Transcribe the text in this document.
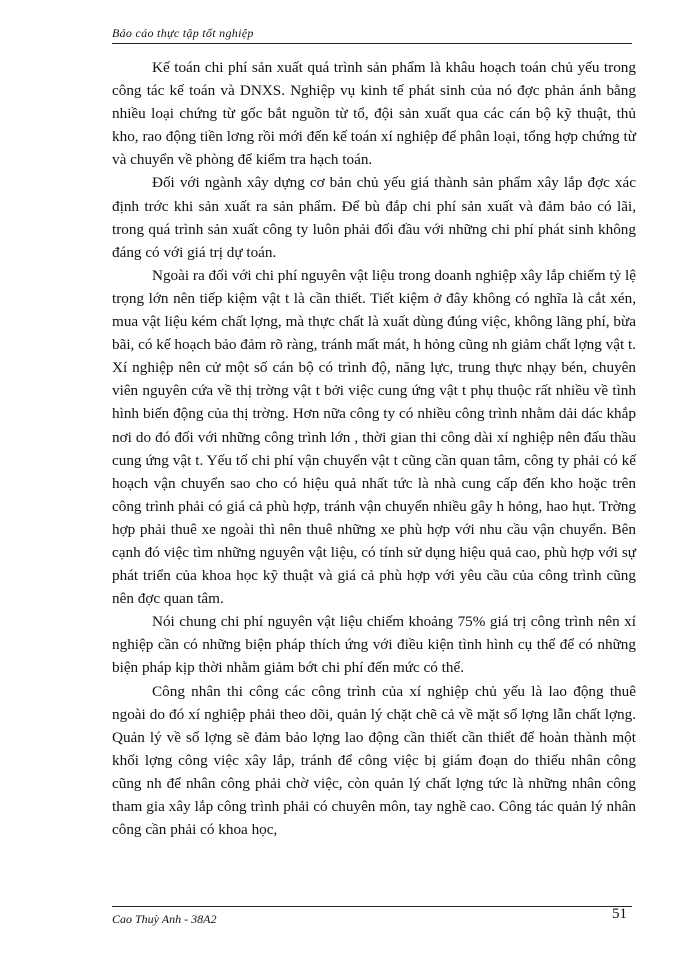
Báo cáo thực tập tốt nghiệp

Kế toán chi phí sản xuất quá trình sản phẩm là khâu hoạch toán chủ yếu trong công tác kế toán và DNXS. Nghiệp vụ kinh tế phát sinh của nó đợc phản ánh bằng nhiều loại chứng từ gốc bắt nguồn từ tổ, đội sản xuất qua các cán bộ kỹ thuật, thủ kho, rao động tiền lơng rồi mới đến kế toán xí nghiệp để phân loại, tổng hợp chứng từ và chuyển về phòng để kiểm tra hạch toán.

Đối với ngành xây dựng cơ bản chủ yếu giá thành sản phẩm xây lắp đợc xác định trớc khi sản xuất ra sản phẩm. Để bù đắp chi phí sản xuất và đảm bảo có lãi, trong quá trình sản xuất công ty luôn phải đối đầu với những chi phí phát sinh không đáng có với giá trị dự toán.

Ngoài ra đối với chi phí nguyên vật liệu trong doanh nghiệp xây lắp chiếm tỷ lệ trọng lớn nên tiếp kiệm vật t là cần thiết. Tiết kiệm ở đây không có nghĩa là cắt xén, mua vật liệu kém chất lợng, mà thực chất là xuất dùng đúng việc, không lãng phí, bừa bãi, có kế hoạch bảo đảm rõ ràng, tránh mất mát, h hỏng cũng nh giảm chất lợng vật t. Xí nghiệp nên cử một số cán bộ có trình độ, năng lực, trung thực nhạy bén, chuyên viên nguyên cứa về thị trờng vật t bởi việc cung ứng vật t phụ thuộc rất nhiều về tình hình biến động của thị trờng. Hơn nữa công ty có nhiều công trình nhằm dải dác khắp nơi do đó đối với những công trình lớn , thời gian thi công dài xí nghiệp nên đấu thầu cung ứng vật t. Yếu tố chi phí vận chuyển vật t cũng cần quan tâm, công ty phải có kế hoạch vận chuyển sao cho có hiệu quả nhất tức là nhà cung cấp đến kho hoặc trên công trình phải có giá cả phù hợp, tránh vận chuyển nhiều gây h hỏng, hao hụt. Trờng hợp phải thuê xe ngoài thì nên thuê những xe phù hợp với nhu cầu vận chuyển. Bên cạnh đó việc tìm những nguyên vật liệu, có tính sử dụng hiệu quả cao, phù hợp với sự phát triển của khoa học kỹ thuật và giá cả phù hợp với yêu cầu của công trình cũng nên đợc quan tâm.

Nói chung chi phí nguyên vật liệu chiếm khoảng 75% giá trị công trình nên xí nghiệp cần có những biện pháp thích ứng với điều kiện tình hình cụ thể để có những biện pháp kịp thời nhằm giảm bớt chi phí đến mức có thể.

Công nhân thi công các công trình của xí nghiệp chủ yếu là lao động thuê ngoài do đó xí nghiệp phải theo dõi, quản lý chặt chẽ cả về mặt số lợng lẫn chất lợng. Quản lý về số lợng sẽ đảm bảo lợng lao động cần thiết cần thiết để hoàn thành một khối lợng công việc xây lắp, tránh để công việc bị giám đoạn do thiếu nhân công cũng nh để nhân công phải chờ việc, còn quản lý chất lợng tức là những nhân công tham gia xây lắp công trình phải có chuyên môn, tay nghề cao. Công tác quản lý nhân công cần phải có khoa học,

Cao Thuỳ Anh - 38A2	51
